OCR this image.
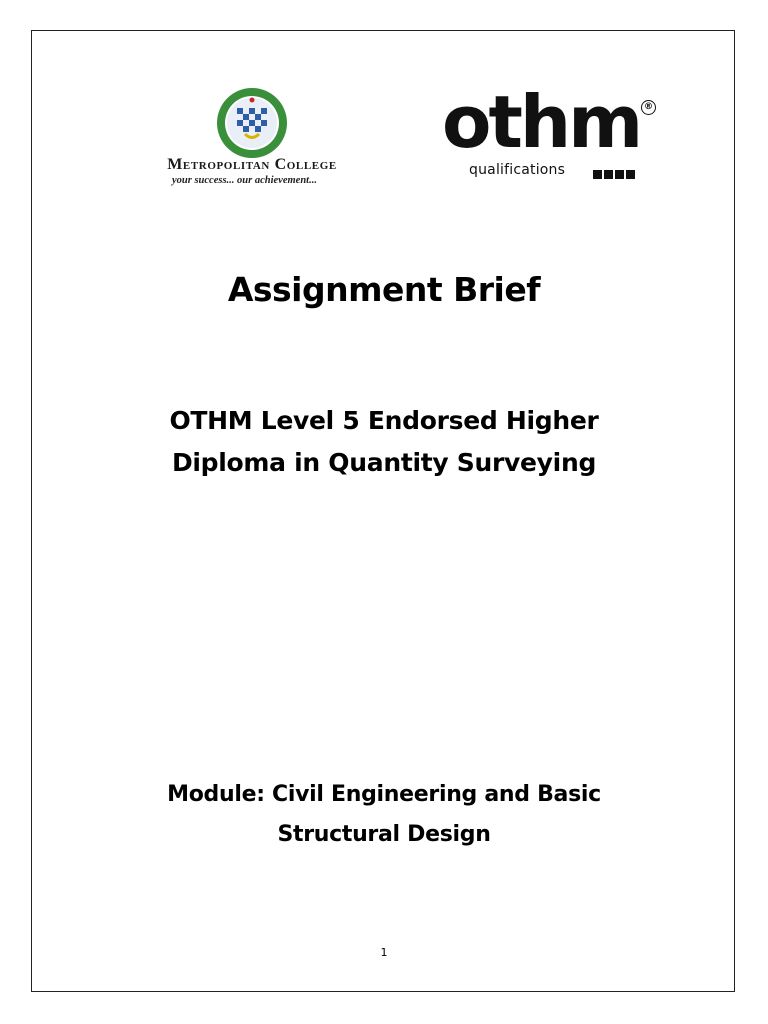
Metropolitan College
your success... our achievement...
othm ®
qualifications
Assignment Brief
OTHM Level 5 Endorsed Higher
Diploma in Quantity Surveying
Module: Civil Engineering and Basic
Structural Design
1
